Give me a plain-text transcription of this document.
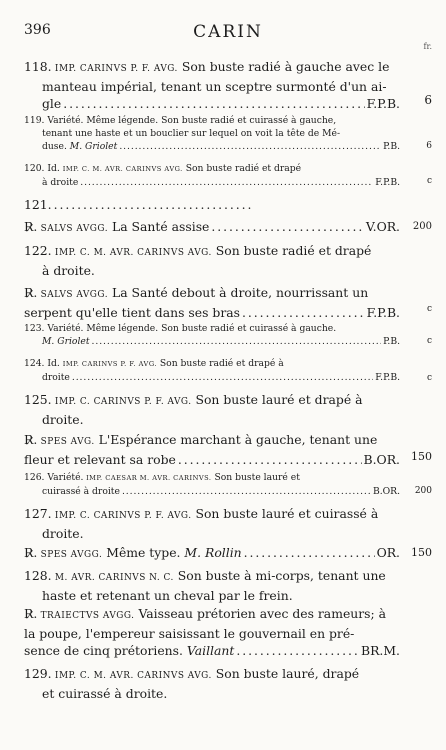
396	CARIN
fr.
118. IMP. CARINVS P. F. AVG. Son buste radié à gauche avec le
manteau impérial, tenant un sceptre surmonté d'un ai-
gle . . .	F.P.B. 6
119. Variété. Même légende. Son buste radié et cuirassé à gauche,
tenant une haste et un bouclier sur lequel on voit la tête de Mé-
duse. M. Griolet . . .	P.B.	6
120. Id. IMP. C. M. AVR. CARINVS AVG. Son buste radié et drapé
à droite . . .	F.P.B.	c
121.
. . .
R̷. SALVS AVGG. La Santé assise . . .	V.OR. 200
122. IMP. C. M. AVR. CARINVS AVG. Son buste radié et drapé
à droite.
R̷. SALVS AVGG. La Santé debout à droite, nourrissant un
serpent qu'elle tient dans ses bras . . .	F.P.B.	c
123. Variété. Même légende. Son buste radié et cuirassé à gauche.
M. Griolet . . .	P.B.	c
124. Id. IMP. CARINVS P. F. AVG. Son buste radié et drapé à
droite . . .	F.P.B.	c
125. IMP. C. CARINVS P. F. AVG. Son buste lauré et drapé à
droite.
R̷. SPES AVG. L'Espérance marchant à gauche, tenant une
fleur et relevant sa robe . . .	B.OR. 150
126. Variété. IMP. CAESAR M. AVR. CARINVS. Son buste lauré et
cuirassé à droite . . .	B.OR. 200
127. IMP. C. CARINVS P. F. AVG. Son buste lauré et cuirassé à
droite.
R̷. SPES AVGG. Même type. M. Rollin . . .	OR. 150
128. M. AVR. CARINVS N. C. Son buste à mi-corps, tenant une
haste et retenant un cheval par le frein.
R̷. TRAIECTVS AVGG. Vaisseau prétorien avec des rameurs; à
la poupe, l'empereur saisissant le gouvernail en pré-
sence de cinq prétoriens. Vaillant . . .	BR.M.
129. IMP. C. M. AVR. CARINVS AVG. Son buste lauré, drapé
et cuirassé à droite.
